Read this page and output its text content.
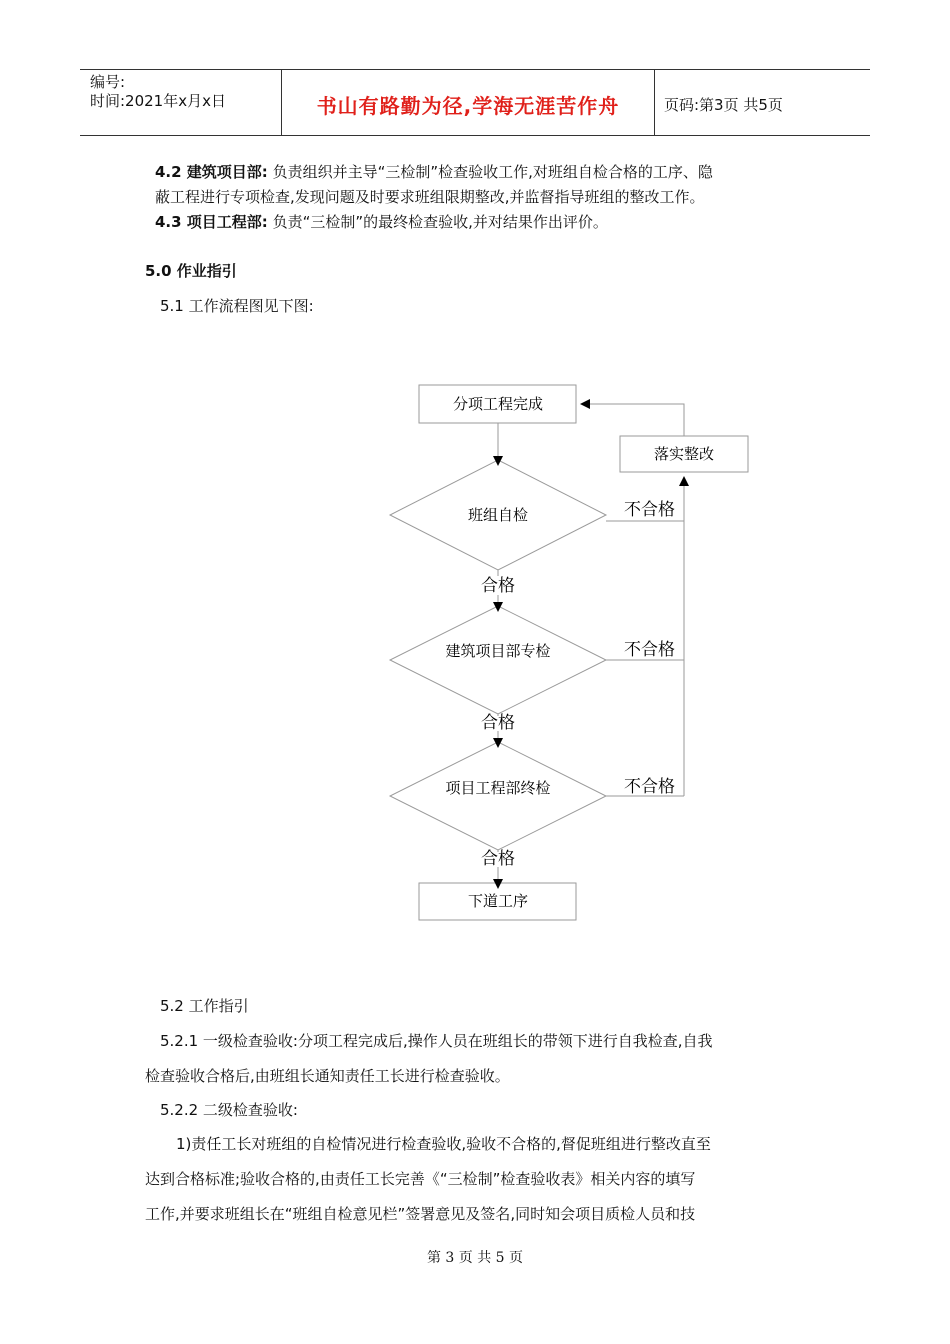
编号:
时间:2021年x月x日	书山有路勤为径,学海无涯苦作舟	页码:第3页 共5页
4.2 建筑项目部: 负责组织并主导“三检制”检查验收工作,对班组自检合格的工序、隐
蔽工程进行专项检查,发现问题及时要求班组限期整改,并监督指导班组的整改工作。
4.3 项目工程部: 负责“三检制”的最终检查验收,并对结果作出评价。
5.0 作业指引
5.1 工作流程图见下图:
分项工程完成
落实整改
班组自检
建筑项目部专检
项目工程部终检
下道工序
合格
合格
合格
不合格
不合格
不合格
5.2 工作指引
5.2.1 一级检查验收:分项工程完成后,操作人员在班组长的带领下进行自我检查,自我
检查验收合格后,由班组长通知责任工长进行检查验收。
5.2.2 二级检查验收:
1)责任工长对班组的自检情况进行检查验收,验收不合格的,督促班组进行整改直至
达到合格标准;验收合格的,由责任工长完善《“三检制”检查验收表》相关内容的填写
工作,并要求班组长在“班组自检意见栏”签署意见及签名,同时知会项目质检人员和技
第 3 页 共 5 页
